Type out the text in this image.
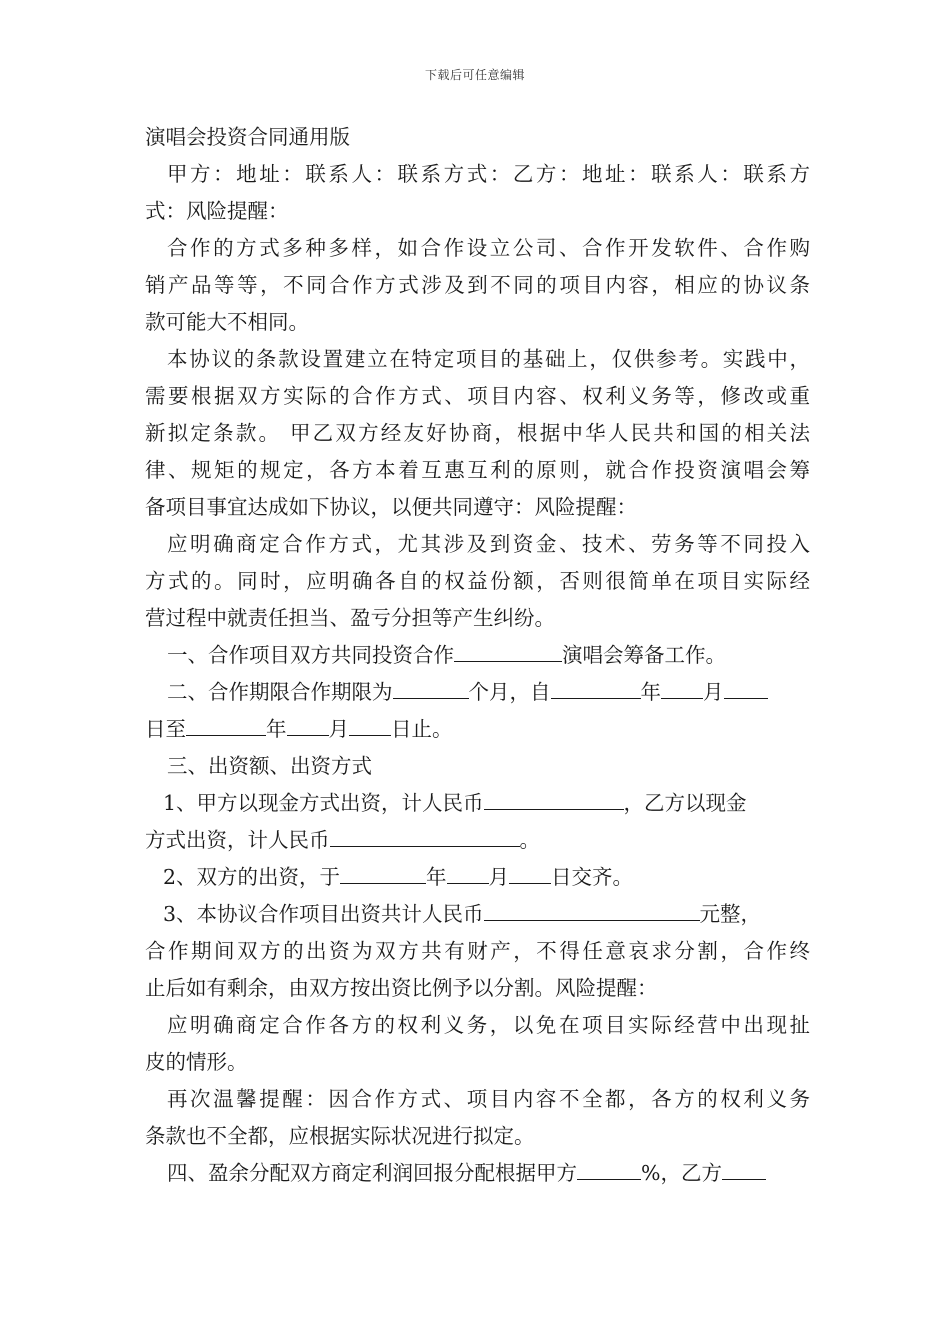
下载后可任意编辑
演唱会投资合同通用版
甲方：地址：联系人：联系方式：乙方：地址：联系人：联系方
式：风险提醒：
合作的方式多种多样，如合作设立公司、合作开发软件、合作购
销产品等等，不同合作方式涉及到不同的项目内容，相应的协议条
款可能大不相同。
本协议的条款设置建立在特定项目的基础上，仅供参考。实践中，
需要根据双方实际的合作方式、项目内容、权利义务等，修改或重
新拟定条款。 甲乙双方经友好协商，根据中华人民共和国的相关法
律、规矩的规定，各方本着互惠互利的原则，就合作投资演唱会筹
备项目事宜达成如下协议，以便共同遵守：风险提醒：
应明确商定合作方式，尤其涉及到资金、技术、劳务等不同投入
方式的。同时，应明确各自的权益份额，否则很简单在项目实际经
营过程中就责任担当、盈亏分担等产生纠纷。
一、合作项目双方共同投资合作	演唱会筹备工作。
二、合作期限合作期限为	个月，自	年 月
日至	年 月 日止。
三、出资额、出资方式
1、甲方以现金方式出资，计人民币	，乙方以现金
方式出资，计人民币	。
2、双方的出资，于	年 月 日交齐。
3、本协议合作项目出资共计人民币	元整，
合作期间双方的出资为双方共有财产，不得任意哀求分割，合作终
止后如有剩余，由双方按出资比例予以分割。风险提醒：
应明确商定合作各方的权利义务，以免在项目实际经营中出现扯
皮的情形。
再次温馨提醒：因合作方式、项目内容不全都，各方的权利义务
条款也不全都，应根据实际状况进行拟定。
四、盈余分配双方商定利润回报分配根据甲方	%，乙方
